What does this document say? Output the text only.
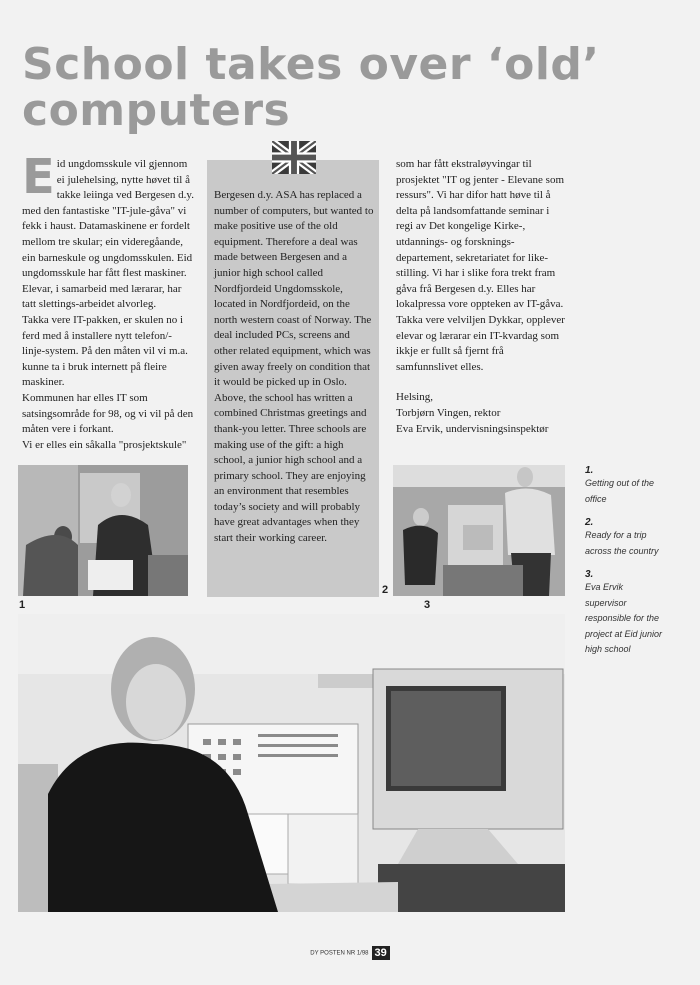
School takes over ‘old’ computers

Eid ungdomsskule vil gjennom ei julehelsing, nytte høvet til å takke leiinga ved Bergesen d.y. med den fantastiske "IT-jule-gåva" vi fekk i haust. Datamaskinene er fordelt mellom tre skular; ein videregåande, ein barneskule og ungdomsskulen. Eid ungdomsskule har fått flest maskiner. Elevar, i samarbeid med lærarar, har tatt slettings-arbeidet alvorleg.

Takka vere IT-pakken, er skulen no i ferd med å installere nytt telefon/-linje-system. På den måten vil vi m.a. kunne ta i bruk internett på fleire maskiner.

Kommunen har elles IT som satsingsområde for 98, og vi vil på den måten vere i forkant.

Vi er elles ein såkalla "prosjektskule"

Bergesen d.y. ASA has replaced a number of computers, but wanted to make positive use of the old equipment. Therefore a deal was made between Bergesen and a junior high school called Nordfjordeid Ungdomsskole, located in Nordfjordeid, on the north western coast of Norway. The deal included PCs, screens and other related equipment, which was given away freely on condition that it would be picked up in Oslo.

Above, the school has written a combined Christmas greetings and thank-you letter. Three schools are making use of the gift: a high school, a junior high school and a primary school. They are enjoying an environment that resembles today’s society and will probably have great advantages when they start their working career.

som har fått ekstraløyvingar til prosjektet "IT og jenter - Elevane som ressurs". Vi har difor hatt høve til å delta på landsomfattande seminar i regi av Det kongelige Kirke-, utdannings- og forsknings-departement, sekretariatet for like-stilling. Vi har i slike fora trekt fram gåva frå Bergesen d.y. Elles har lokalpressa vore oppteken av IT-gåva.

Takka vere velviljen Dykkar, opplever elevar og lærarar ein IT-kvardag som ikkje er fullt så fjernt frå samfunnslivet elles.

Helsing,

Torbjørn Vingen, rektor

Eva Ervik, undervisningsinspektør

1
2
3
1.
Getting out of the office
2.
Ready for a trip across the country
3.
Eva Ervik supervisor responsible for the project at Eid junior high school
DY POSTEN NR 1/98 39
